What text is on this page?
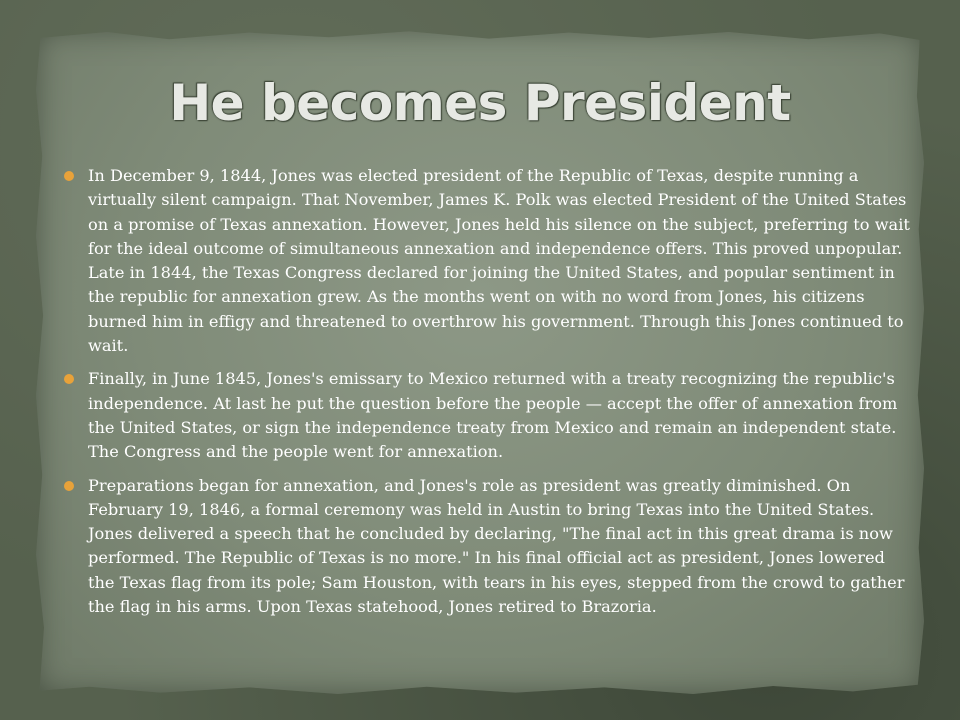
He becomes President
In December 9, 1844, Jones was elected president of the Republic of Texas, despite running a virtually silent campaign. That November, James K. Polk was elected President of the United States on a promise of Texas annexation. However, Jones held his silence on the subject, preferring to wait for the ideal outcome of simultaneous annexation and independence offers. This proved unpopular. Late in 1844, the Texas Congress declared for joining the United States, and popular sentiment in the republic for annexation grew. As the months went on with no word from Jones, his citizens burned him in effigy and threatened to overthrow his government. Through this Jones continued to wait.
Finally, in June 1845, Jones's emissary to Mexico returned with a treaty recognizing the republic's independence. At last he put the question before the people — accept the offer of annexation from the United States, or sign the independence treaty from Mexico and remain an independent state. The Congress and the people went for annexation.
Preparations began for annexation, and Jones's role as president was greatly diminished. On February 19, 1846, a formal ceremony was held in Austin to bring Texas into the United States. Jones delivered a speech that he concluded by declaring, "The final act in this great drama is now performed. The Republic of Texas is no more." In his final official act as president, Jones lowered the Texas flag from its pole; Sam Houston, with tears in his eyes, stepped from the crowd to gather the flag in his arms. Upon Texas statehood, Jones retired to Brazoria.
